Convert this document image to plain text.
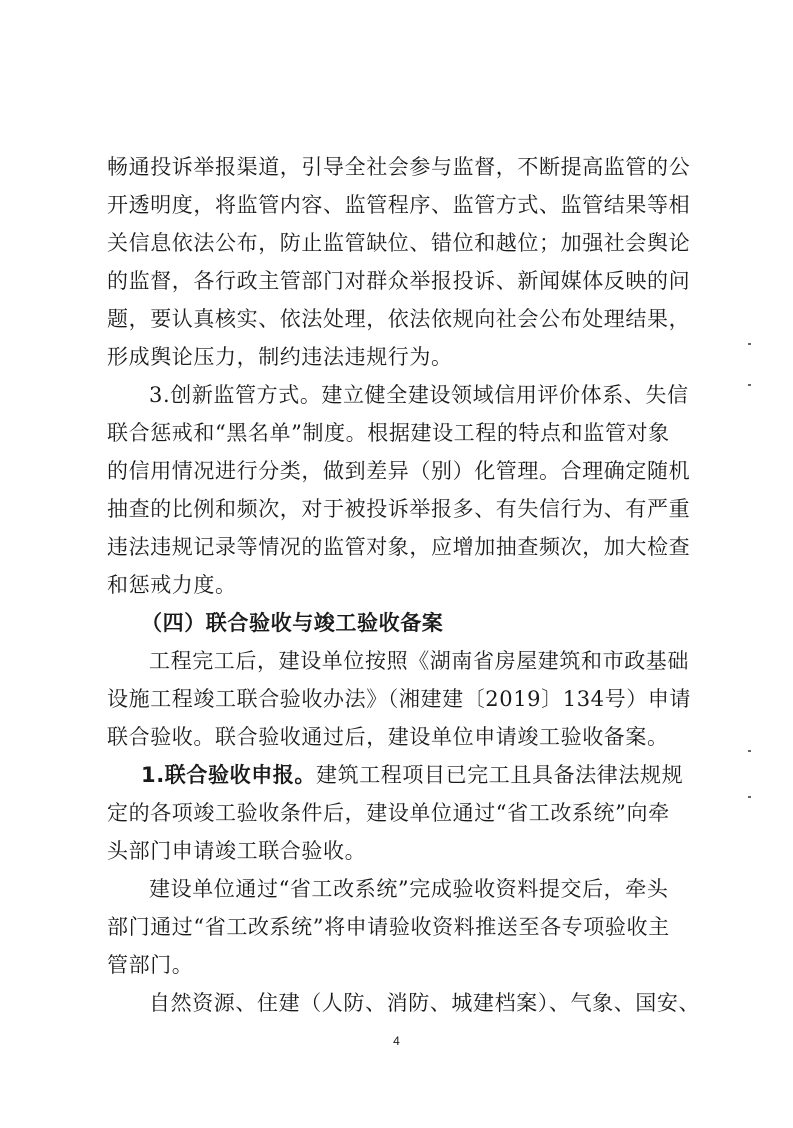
畅通投诉举报渠道，引导全社会参与监督，不断提高监管的公
开透明度，将监管内容、监管程序、监管方式、监管结果等相
关信息依法公布，防止监管缺位、错位和越位；加强社会舆论
的监督，各行政主管部门对群众举报投诉、新闻媒体反映的问
题，要认真核实、依法处理，依法依规向社会公布处理结果，
形成舆论压力，制约违法违规行为。
3.创新监管方式。建立健全建设领域信用评价体系、失信
联合惩戒和“黑名单”制度。根据建设工程的特点和监管对象
的信用情况进行分类，做到差异（别）化管理。合理确定随机
抽查的比例和频次，对于被投诉举报多、有失信行为、有严重
违法违规记录等情况的监管对象，应增加抽查频次，加大检查
和惩戒力度。
（四）联合验收与竣工验收备案
工程完工后，建设单位按照《湖南省房屋建筑和市政基础
设施工程竣工联合验收办法》（湘建建〔2019〕134号）申请
联合验收。联合验收通过后，建设单位申请竣工验收备案。
1.联合验收申报。建筑工程项目已完工且具备法律法规规
定的各项竣工验收条件后，建设单位通过“省工改系统”向牵
头部门申请竣工联合验收。
建设单位通过“省工改系统”完成验收资料提交后，牵头
部门通过“省工改系统”将申请验收资料推送至各专项验收主
管部门。
自然资源、住建（人防、消防、城建档案）、气象、国安、
4
